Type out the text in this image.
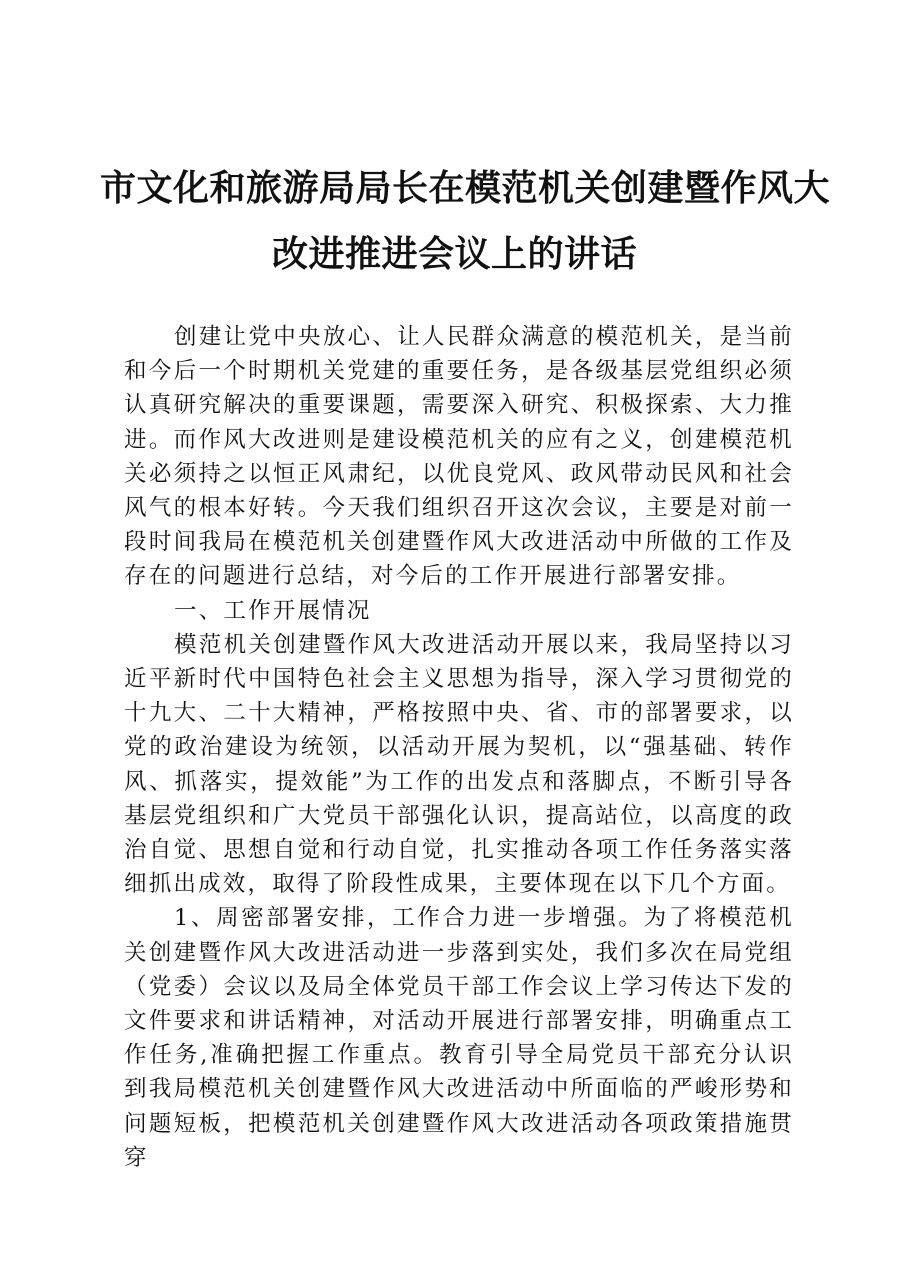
市文化和旅游局局长在模范机关创建暨作风大
改进推进会议上的讲话

创建让党中央放心、让人民群众满意的模范机关，是当前和今后一个时期机关党建的重要任务，是各级基层党组织必须认真研究解决的重要课题，需要深入研究、积极探索、大力推进。而作风大改进则是建设模范机关的应有之义，创建模范机关必须持之以恒正风肃纪，以优良党风、政风带动民风和社会风气的根本好转。今天我们组织召开这次会议，主要是对前一段时间我局在模范机关创建暨作风大改进活动中所做的工作及存在的问题进行总结，对今后的工作开展进行部署安排。

一、工作开展情况

模范机关创建暨作风大改进活动开展以来，我局坚持以习近平新时代中国特色社会主义思想为指导，深入学习贯彻党的十九大、二十大精神，严格按照中央、省、市的部署要求，以党的政治建设为统领，以活动开展为契机，以“强基础、转作风、抓落实，提效能”为工作的出发点和落脚点，不断引导各基层党组织和广大党员干部强化认识，提高站位，以高度的政治自觉、思想自觉和行动自觉，扎实推动各项工作任务落实落细抓出成效，取得了阶段性成果，主要体现在以下几个方面。

1、周密部署安排，工作合力进一步增强。为了将模范机关创建暨作风大改进活动进一步落到实处，我们多次在局党组（党委）会议以及局全体党员干部工作会议上学习传达下发的文件要求和讲话精神，对活动开展进行部署安排，明确重点工作任务,准确把握工作重点。教育引导全局党员干部充分认识到我局模范机关创建暨作风大改进活动中所面临的严峻形势和问题短板，把模范机关创建暨作风大改进活动各项政策措施贯穿
